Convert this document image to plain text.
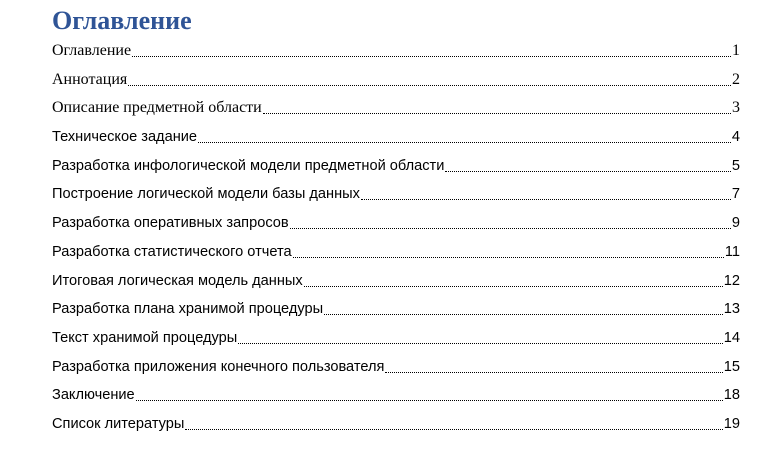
Оглавление
Оглавление	1
Аннотация	2
Описание предметной области	3
Техническое задание	4
Разработка инфологической модели предметной области	5
Построение логической модели базы данных	7
Разработка оперативных запросов	9
Разработка статистического отчета	11
Итоговая логическая модель данных	12
Разработка плана хранимой процедуры	13
Текст хранимой процедуры	14
Разработка приложения конечного пользователя	15
Заключение	18
Список литературы	19
